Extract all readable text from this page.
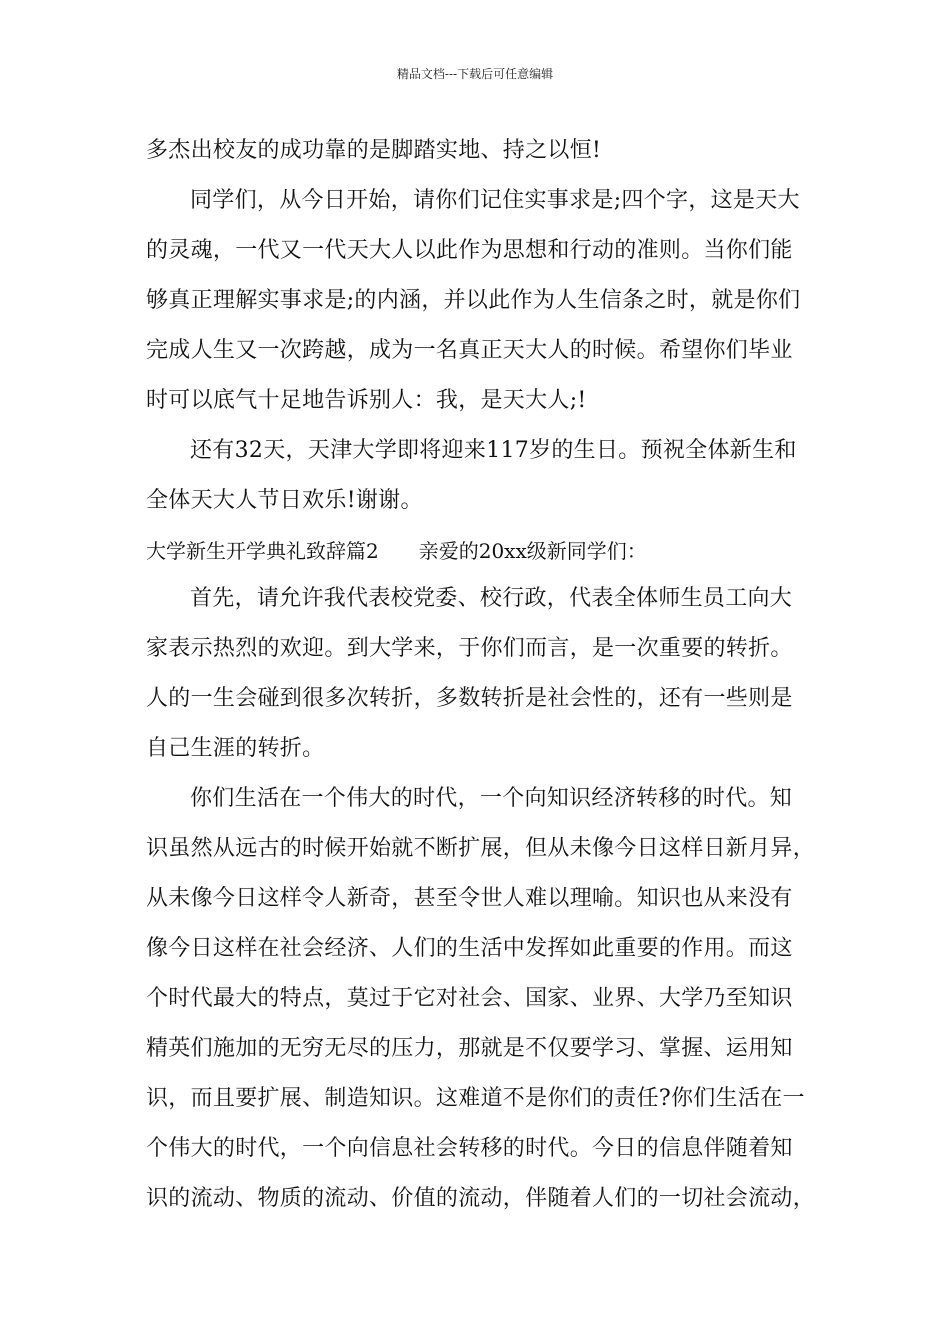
精品文档---下载后可任意编辑
多杰出校友的成功靠的是脚踏实地、持之以恒!
同学们，从今日开始，请你们记住实事求是;四个字，这是天大
的灵魂，一代又一代天大人以此作为思想和行动的准则。当你们能
够真正理解实事求是;的内涵，并以此作为人生信条之时，就是你们
完成人生又一次跨越，成为一名真正天大人的时候。希望你们毕业
时可以底气十足地告诉别人：我，是天大人;!
还有32天，天津大学即将迎来117岁的生日。预祝全体新生和
全体天大人节日欢乐!谢谢。
大学新生开学典礼致辞篇2 亲爱的20xx级新同学们：
首先，请允许我代表校党委、校行政，代表全体师生员工向大
家表示热烈的欢迎。到大学来，于你们而言，是一次重要的转折。
人的一生会碰到很多次转折，多数转折是社会性的，还有一些则是
自己生涯的转折。
你们生活在一个伟大的时代，一个向知识经济转移的时代。知
识虽然从远古的时候开始就不断扩展，但从未像今日这样日新月异，
从未像今日这样令人新奇，甚至令世人难以理喻。知识也从来没有
像今日这样在社会经济、人们的生活中发挥如此重要的作用。而这
个时代最大的特点，莫过于它对社会、国家、业界、大学乃至知识
精英们施加的无穷无尽的压力，那就是不仅要学习、掌握、运用知
识，而且要扩展、制造知识。这难道不是你们的责任?你们生活在一
个伟大的时代，一个向信息社会转移的时代。今日的信息伴随着知
识的流动、物质的流动、价值的流动，伴随着人们的一切社会流动，
